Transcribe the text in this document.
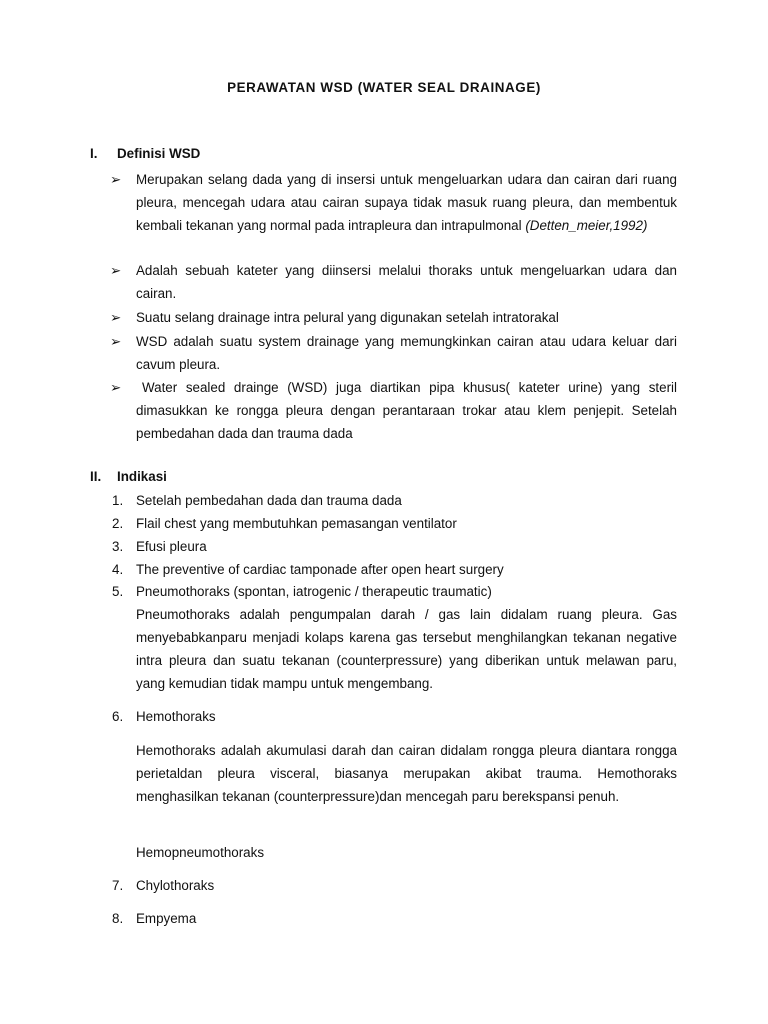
PERAWATAN WSD (WATER SEAL DRAINAGE)
I. Definisi WSD
➢ Merupakan selang dada yang di insersi untuk mengeluarkan udara dan cairan dari ruang pleura, mencegah udara atau cairan supaya tidak masuk ruang pleura, dan membentuk kembali tekanan yang normal pada intrapleura dan intrapulmonal (Detten_meier,1992)
➢ Adalah sebuah kateter yang diinsersi melalui thoraks untuk mengeluarkan udara dan cairan.
➢ Suatu selang drainage intra pelural yang digunakan setelah intratorakal
➢ WSD adalah suatu system drainage yang memungkinkan cairan atau udara keluar dari cavum pleura.
➢	Water sealed drainge (WSD) juga diartikan pipa khusus( kateter urine) yang steril dimasukkan ke rongga pleura dengan perantaraan trokar atau klem penjepit. Setelah pembedahan dada dan trauma dada
II. Indikasi
1. Setelah pembedahan dada dan trauma dada
2. Flail chest yang membutuhkan pemasangan ventilator
3. Efusi pleura
4. The preventive of cardiac tamponade after open heart surgery
5. Pneumothoraks (spontan, iatrogenic / therapeutic traumatic)
Pneumothoraks adalah pengumpalan darah / gas lain didalam ruang pleura. Gas menyebabkanparu menjadi kolaps karena gas tersebut menghilangkan tekanan negative intra pleura dan suatu tekanan (counterpressure) yang diberikan untuk melawan paru, yang kemudian tidak mampu untuk mengembang.
6. Hemothoraks
Hemothoraks adalah akumulasi darah dan cairan didalam rongga pleura diantara rongga perietaldan pleura visceral, biasanya merupakan akibat trauma. Hemothoraks menghasilkan tekanan (counterpressure)dan mencegah paru berekspansi penuh.
Hemopneumothoraks
7. Chylothoraks
8. Empyema
